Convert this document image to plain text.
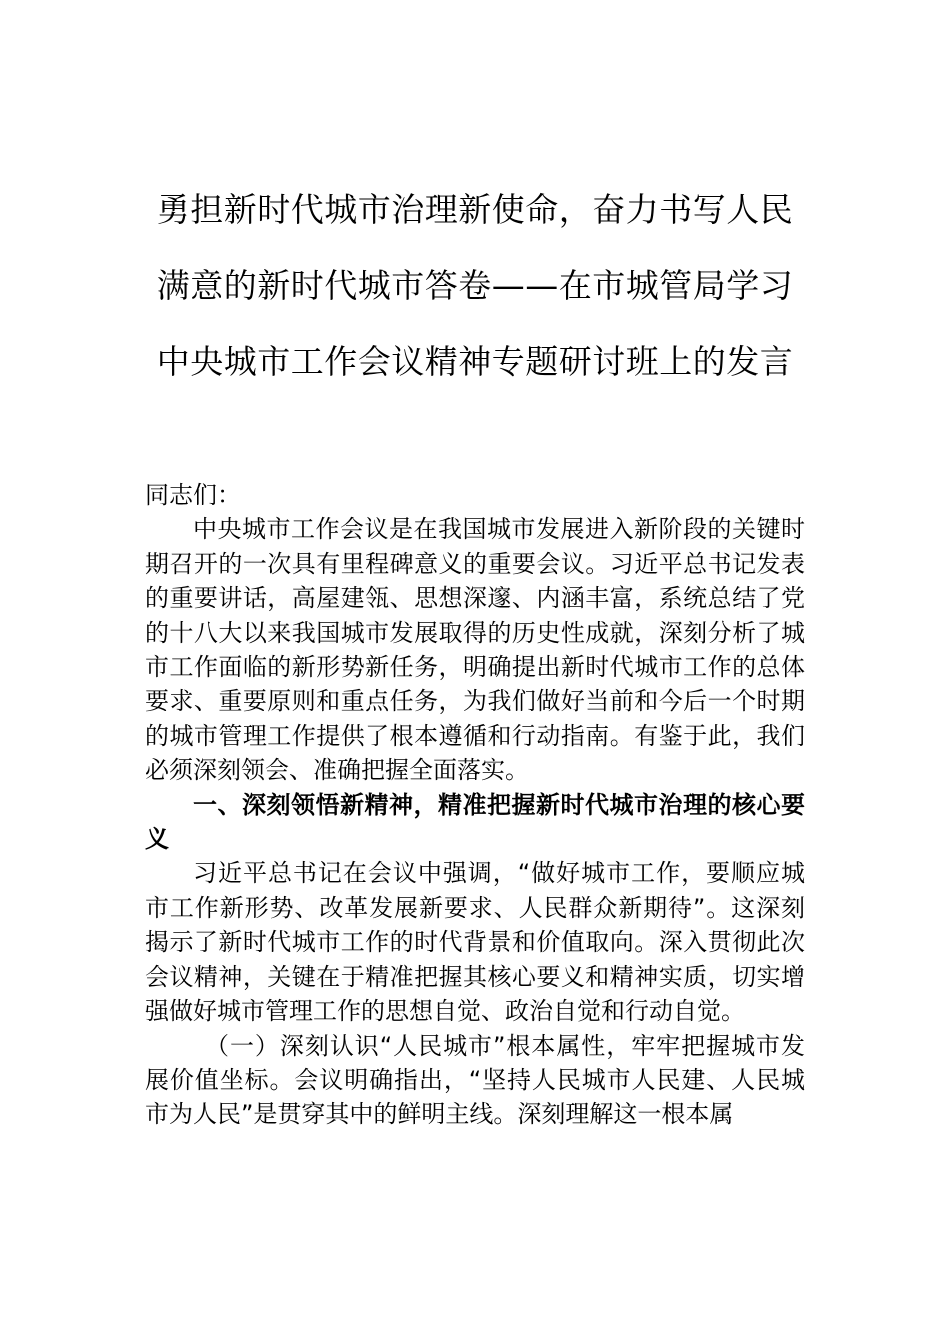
勇担新时代城市治理新使命，奋力书写人民满意的新时代城市答卷——在市城管局学习中央城市工作会议精神专题研讨班上的发言

同志们：

中央城市工作会议是在我国城市发展进入新阶段的关键时期召开的一次具有里程碑意义的重要会议。习近平总书记发表的重要讲话，高屋建瓴、思想深邃、内涵丰富，系统总结了党的十八大以来我国城市发展取得的历史性成就，深刻分析了城市工作面临的新形势新任务，明确提出新时代城市工作的总体要求、重要原则和重点任务，为我们做好当前和今后一个时期的城市管理工作提供了根本遵循和行动指南。有鉴于此，我们必须深刻领会、准确把握全面落实。

一、深刻领悟新精神，精准把握新时代城市治理的核心要义

习近平总书记在会议中强调，“做好城市工作，要顺应城市工作新形势、改革发展新要求、人民群众新期待”。这深刻揭示了新时代城市工作的时代背景和价值取向。深入贯彻此次会议精神，关键在于精准把握其核心要义和精神实质，切实增强做好城市管理工作的思想自觉、政治自觉和行动自觉。

（一）深刻认识“人民城市”根本属性，牢牢把握城市发展价值坐标。会议明确指出，“坚持人民城市人民建、人民城市为人民”是贯穿其中的鲜明主线。深刻理解这一根本属
